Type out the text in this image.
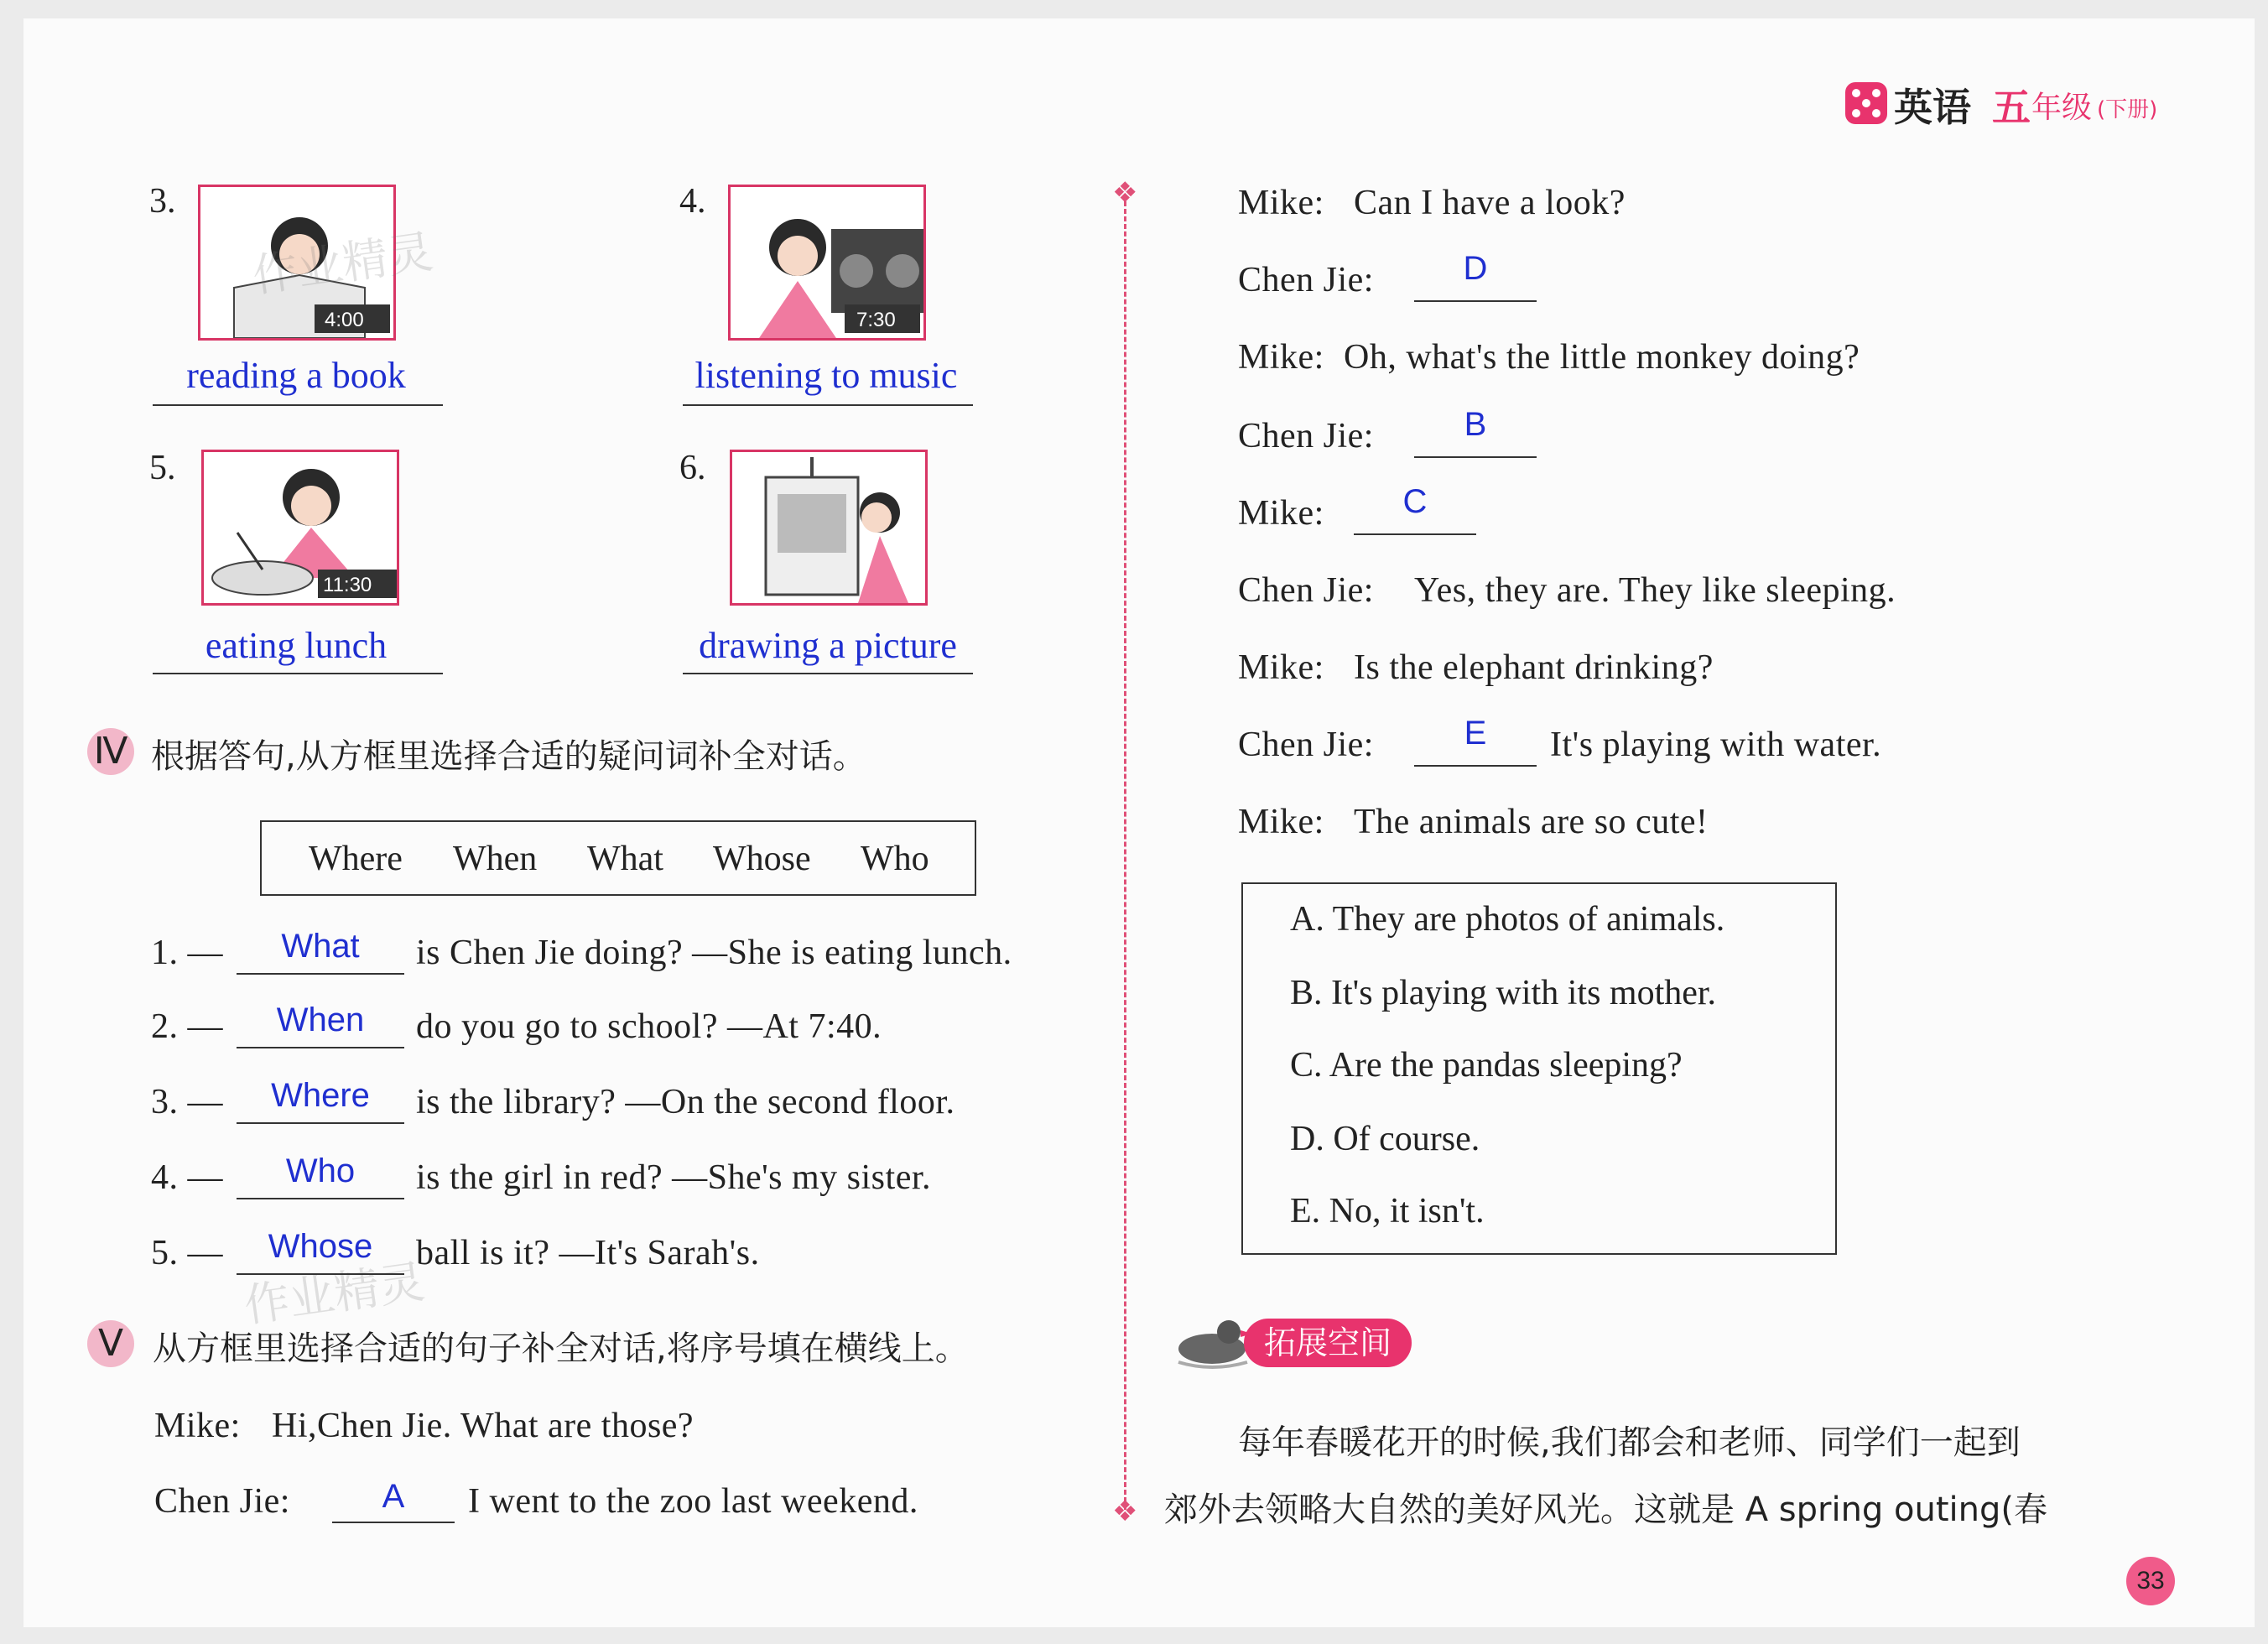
英语 五 年级 (下册)
3.
4:00
reading a book
4.
7:30
listening to music
5.
11:30
eating lunch
6.
drawing a picture
作业精灵
作业精灵
Ⅳ 根据答句,从方框里选择合适的疑问词补全对话。
Where When What Whose Who
1. —	What	is Chen Jie doing? —She is eating lunch.
2. —	When	do you go to school? —At 7:40.
3. —	Where	is the library? —On the second floor.
4. —	Who	is the girl in red? —She's my sister.
5. —	Whose	ball is it? —It's Sarah's.
Ⅴ 从方框里选择合适的句子补全对话,将序号填在横线上。
Mike: Hi,Chen Jie. What are those?
Chen Jie:	A	I went to the zoo last weekend.
❖
❖
Mike: Can I have a look?
Chen Jie:	D
Mike: Oh, what's the little monkey doing?
Chen Jie:	B
Mike:	C
Chen Jie: Yes, they are. They like sleeping.
Mike: Is the elephant drinking?
Chen Jie:	E	It's playing with water.
Mike: The animals are so cute!
A. They are photos of animals.
B. It's playing with its mother.
C. Are the pandas sleeping?
D. Of course.
E. No, it isn't.
拓展空间
每年春暖花开的时候,我们都会和老师、同学们一起到
郊外去领略大自然的美好风光。这就是 A spring outing(春
33
